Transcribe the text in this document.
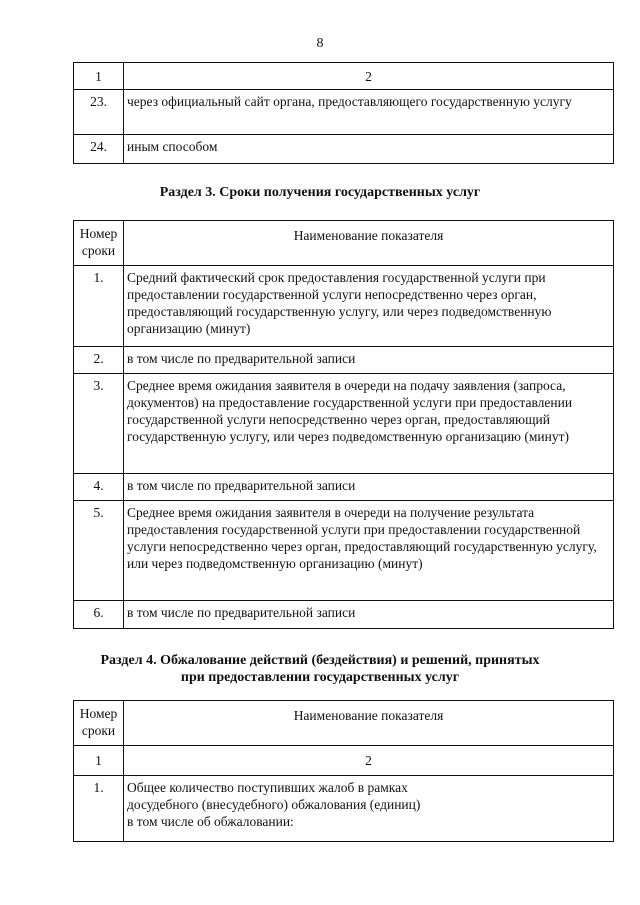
8
1	2
23.	через официальный сайт органа, предоставляющего государственную услугу
24.	иным способом
Раздел 3. Сроки получения государственных услуг
Номер сроки	Наименование показателя
1.	Средний фактический срок предоставления государственной услуги при предоставлении государственной услуги непосредственно через орган, предоставляющий государственную услугу, или через подведомственную организацию (минут)
2.	в том числе по предварительной записи
3.	Среднее время ожидания заявителя в очереди на подачу заявления (запроса, документов) на предоставление государственной услуги при предоставлении государственной услуги непосредственно через орган, предоставляющий государственную услугу, или через подведомственную организацию (минут)
4.	в том числе по предварительной записи
5.	Среднее время ожидания заявителя в очереди на получение результата предоставления государственной услуги при предоставлении государственной услуги непосредственно через орган, предоставляющий государственную услугу, или через подведомственную организацию (минут)
6.	в том числе по предварительной записи
Раздел 4. Обжалование действий (бездействия) и решений, принятых
при предоставлении государственных услуг
Номер сроки	Наименование показателя
1	2
1.	Общее количество поступивших жалоб в рамках досудебного (внесудебного) обжалования (единиц)
в том числе об обжаловании:
